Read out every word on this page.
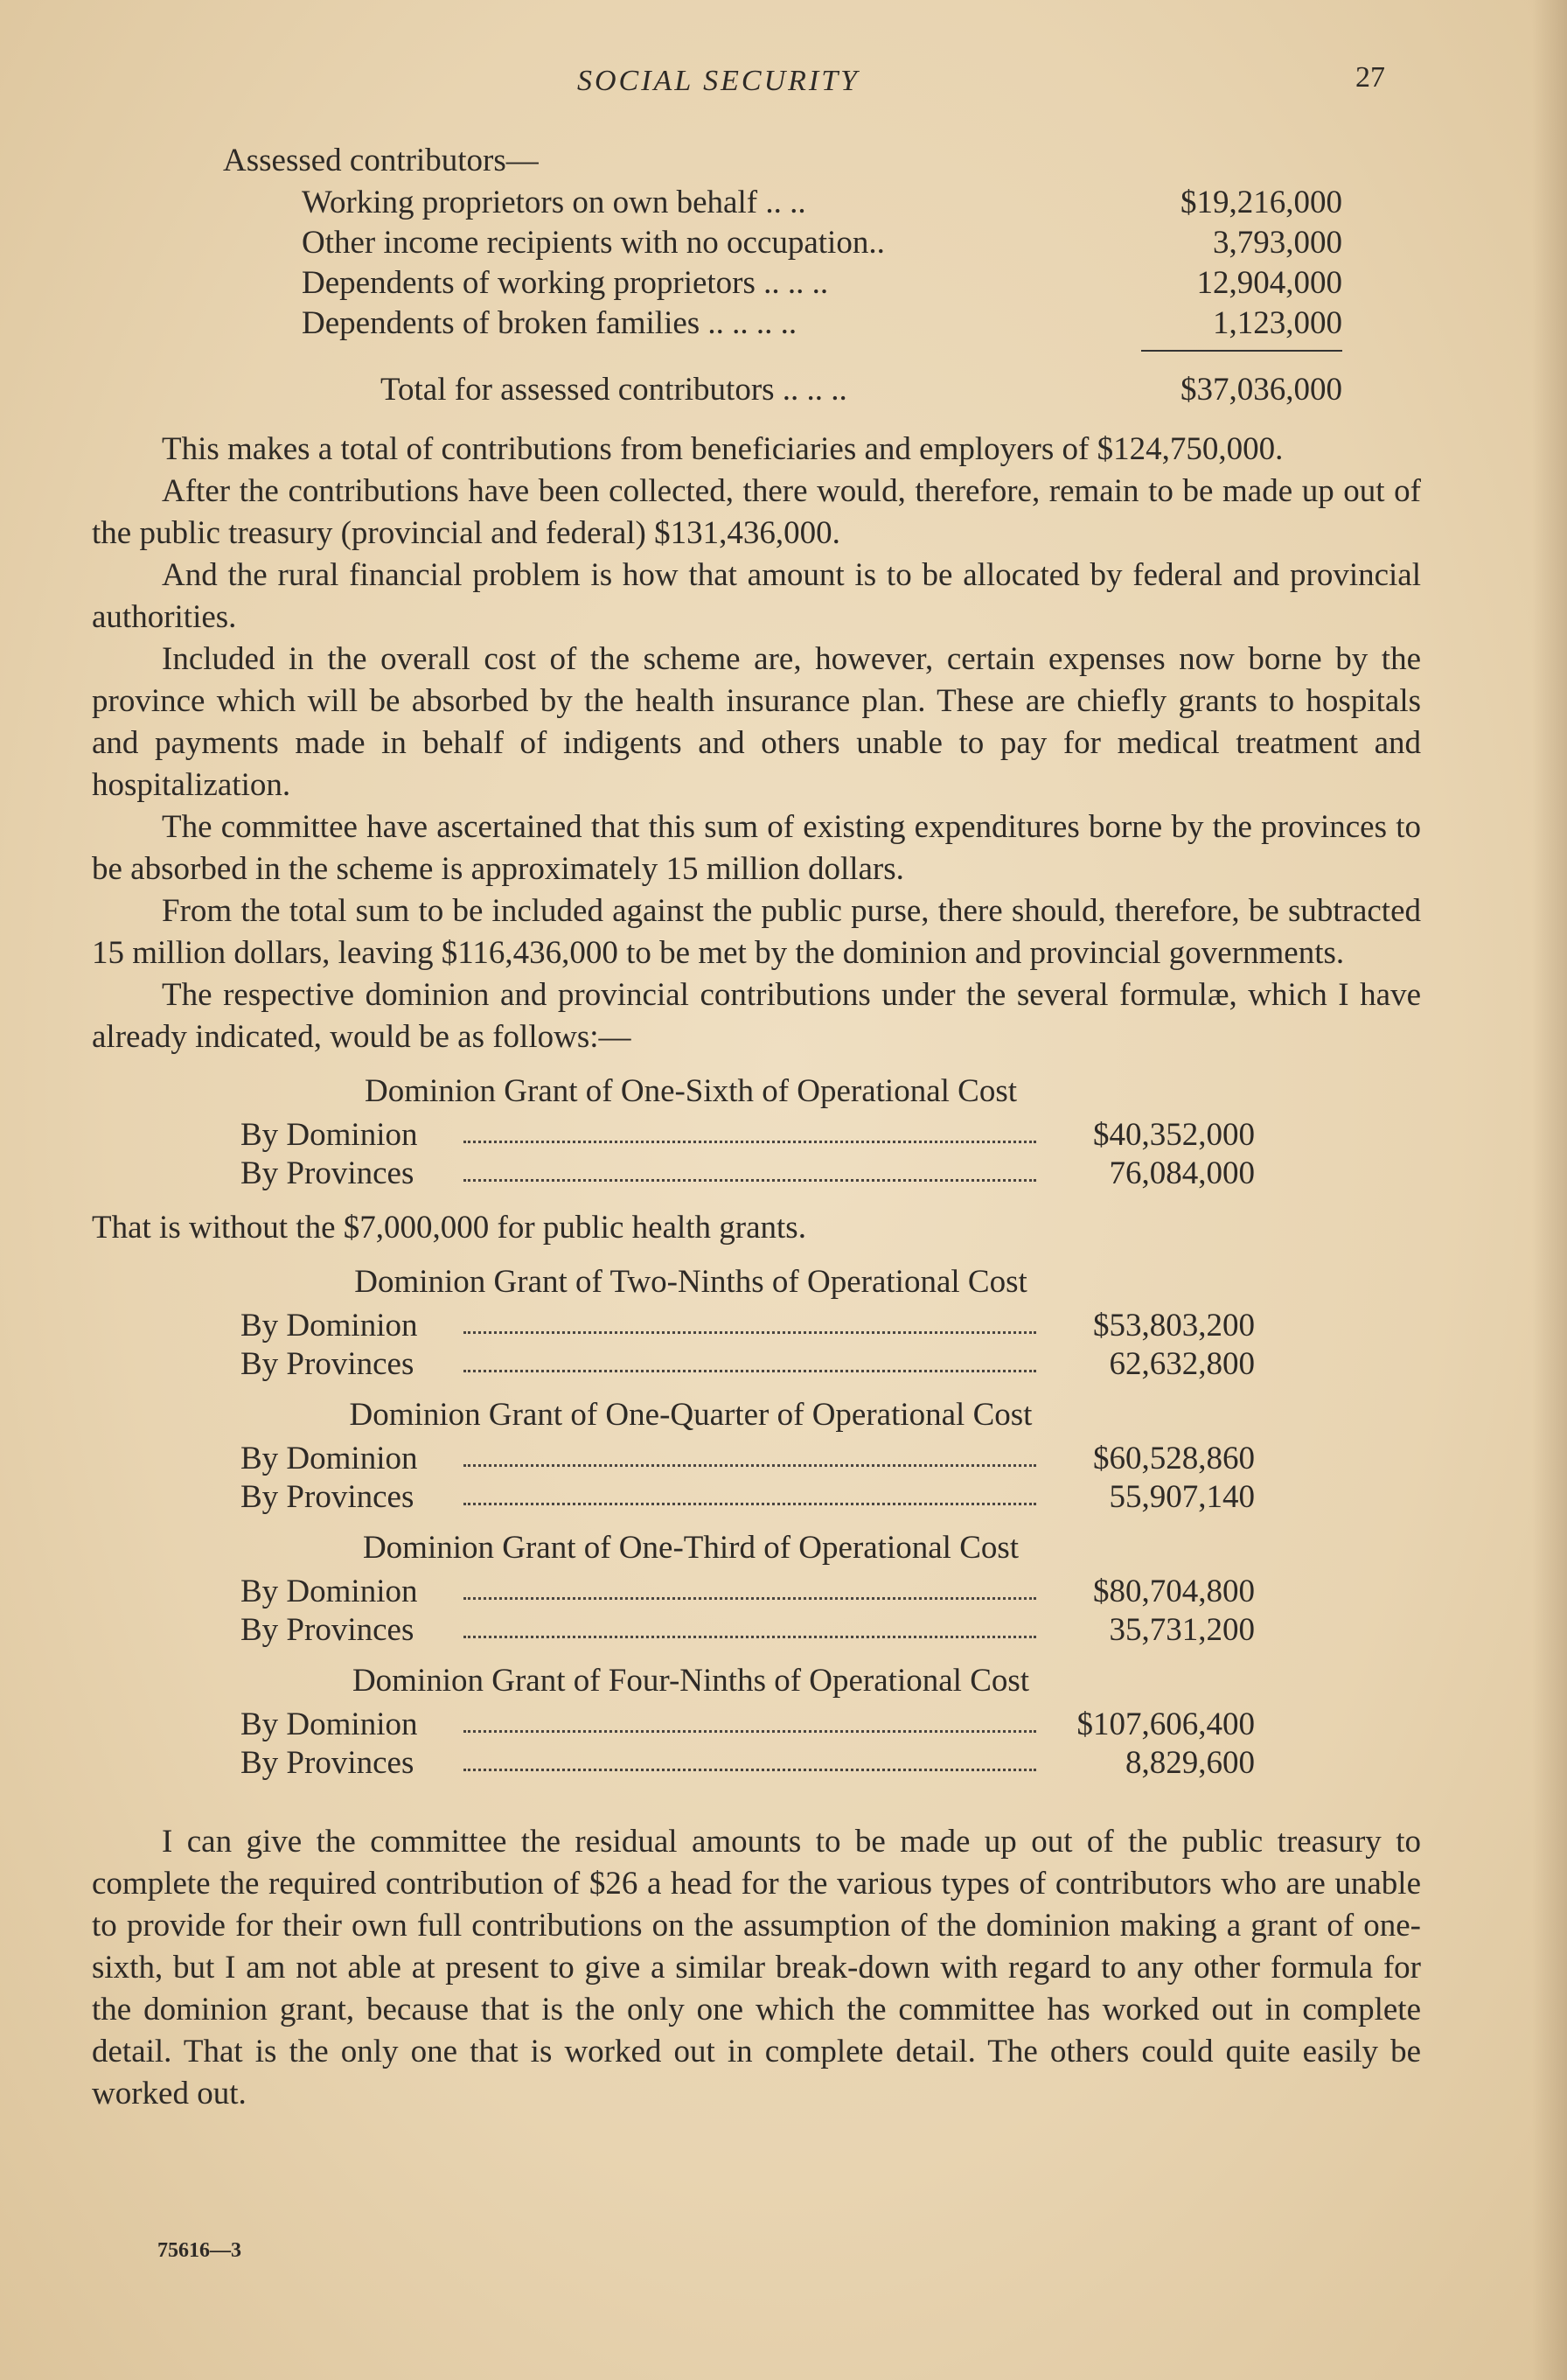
SOCIAL SECURITY	27
Assessed contributors—
Working proprietors on own behalf .. ..	$19,216,000
Other income recipients with no occupation..	3,793,000
Dependents of working proprietors .. .. ..	12,904,000
Dependents of broken families .. .. .. ..	1,123,000
Total for assessed contributors .. .. ..	$37,036,000

This makes a total of contributions from beneficiaries and employers of $124,750,000.

After the contributions have been collected, there would, therefore, remain to be made up out of the public treasury (provincial and federal) $131,436,000.

And the rural financial problem is how that amount is to be allocated by federal and provincial authorities.

Included in the overall cost of the scheme are, however, certain expenses now borne by the province which will be absorbed by the health insurance plan. These are chiefly grants to hospitals and payments made in behalf of indigents and others unable to pay for medical treatment and hospitalization.

The committee have ascertained that this sum of existing expenditures borne by the provinces to be absorbed in the scheme is approximately 15 million dollars.

From the total sum to be included against the public purse, there should, therefore, be subtracted 15 million dollars, leaving $116,436,000 to be met by the dominion and provincial governments.

The respective dominion and provincial contributions under the several formulæ, which I have already indicated, would be as follows:—

Dominion Grant of One-Sixth of Operational Cost
By Dominion	$40,352,000
By Provinces	76,084,000

That is without the $7,000,000 for public health grants.

Dominion Grant of Two-Ninths of Operational Cost
By Dominion	$53,803,200
By Provinces	62,632,800
Dominion Grant of One-Quarter of Operational Cost
By Dominion	$60,528,860
By Provinces	55,907,140
Dominion Grant of One-Third of Operational Cost
By Dominion	$80,704,800
By Provinces	35,731,200
Dominion Grant of Four-Ninths of Operational Cost
By Dominion	$107,606,400
By Provinces	8,829,600

I can give the committee the residual amounts to be made up out of the public treasury to complete the required contribution of $26 a head for the various types of contributors who are unable to provide for their own full contributions on the assumption of the dominion making a grant of one-sixth, but I am not able at present to give a similar break-down with regard to any other formula for the dominion grant, because that is the only one which the committee has worked out in complete detail. That is the only one that is worked out in complete detail. The others could quite easily be worked out.

75616—3
